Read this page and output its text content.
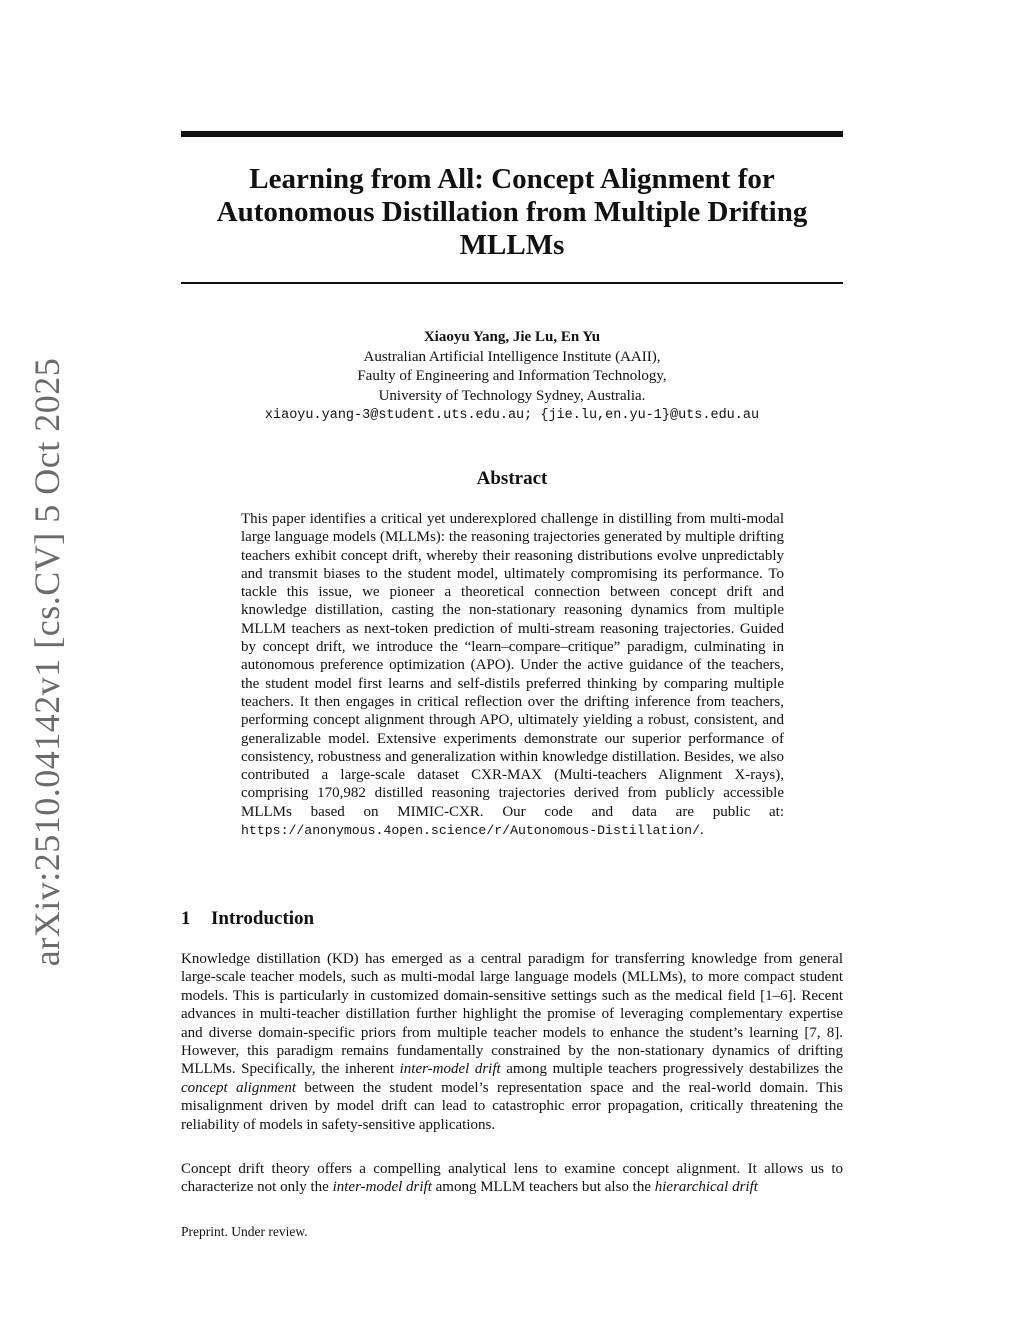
arXiv:2510.04142v1 [cs.CV] 5 Oct 2025
Learning from All: Concept Alignment for Autonomous Distillation from Multiple Drifting MLLMs
Xiaoyu Yang, Jie Lu, En Yu
Australian Artificial Intelligence Institute (AAII),
Faulty of Engineering and Information Technology,
University of Technology Sydney, Australia.
xiaoyu.yang-3@student.uts.edu.au; {jie.lu,en.yu-1}@uts.edu.au
Abstract

This paper identifies a critical yet underexplored challenge in distilling from multi-modal large language models (MLLMs): the reasoning trajectories generated by multiple drifting teachers exhibit concept drift, whereby their reasoning distributions evolve unpredictably and transmit biases to the student model, ultimately compromising its performance. To tackle this issue, we pioneer a theoretical connection between concept drift and knowledge distillation, casting the non-stationary reasoning dynamics from multiple MLLM teachers as next-token prediction of multi-stream reasoning trajectories. Guided by concept drift, we introduce the “learn–compare–critique” paradigm, culminating in autonomous preference optimization (APO). Under the active guidance of the teachers, the student model first learns and self-distils preferred thinking by comparing multiple teachers. It then engages in critical reflection over the drifting inference from teachers, performing concept alignment through APO, ultimately yielding a robust, consistent, and generalizable model. Extensive experiments demonstrate our superior performance of consistency, robustness and generalization within knowledge distillation. Besides, we also contributed a large-scale dataset CXR-MAX (Multi-teachers Alignment X-rays), comprising 170,982 distilled reasoning trajectories derived from publicly accessible MLLMs based on MIMIC-CXR. Our code and data are public at: https://anonymous.4open.science/r/Autonomous-Distillation/.

1 Introduction

Knowledge distillation (KD) has emerged as a central paradigm for transferring knowledge from general large-scale teacher models, such as multi-modal large language models (MLLMs), to more compact student models. This is particularly in customized domain-sensitive settings such as the medical field [1–6]. Recent advances in multi-teacher distillation further highlight the promise of leveraging complementary expertise and diverse domain-specific priors from multiple teacher models to enhance the student’s learning [7, 8]. However, this paradigm remains fundamentally constrained by the non-stationary dynamics of drifting MLLMs. Specifically, the inherent inter-model drift among multiple teachers progressively destabilizes the concept alignment between the student model’s representation space and the real-world domain. This misalignment driven by model drift can lead to catastrophic error propagation, critically threatening the reliability of models in safety-sensitive applications.

Concept drift theory offers a compelling analytical lens to examine concept alignment. It allows us to characterize not only the inter-model drift among MLLM teachers but also the hierarchical drift

Preprint. Under review.
